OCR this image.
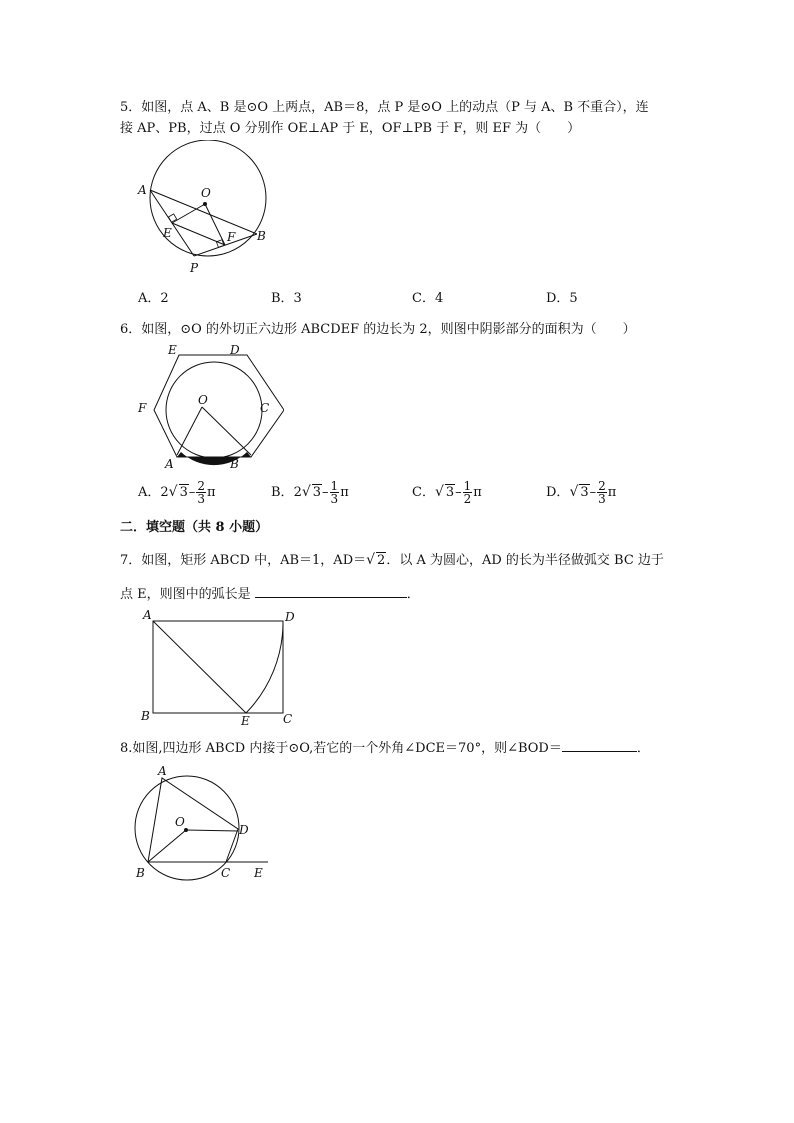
5．如图，点 A、B 是⊙O 上两点，AB＝8，点 P 是⊙O 上的动点（P 与 A、B 不重合），连
接 AP、PB，过点 O 分别作 OE⊥AP 于 E，OF⊥PB 于 F，则 EF 为（　　）
A	O
E	F B
P
A．2	B．3	C．4	D．5
6．如图，⊙O 的外切正六边形 ABCDEF 的边长为 2，则图中阴影部分的面积为（　　）
E	D
F	C
O
A	B
A．2√ $3- \frac{2}{3}$ π	B．2√ $3- \frac{1}{3}$ π	C．√ $3- \frac{1}{2}$ π	D．√ $3- \frac{2}{3}$ π
二．填空题（共 8 小题）
7．如图，矩形 ABCD 中，AB＝1，AD＝√ 2．以 A 为圆心，AD 的长为半径做弧交 BC 边于
点 E，则图中的弧长是	．
A	D
B	E	C
8.如图,四边形 ABCD 内接于⊙O,若它的一个外角∠DCE＝70°，则∠BOD＝	．
A
O
D
B	C E
